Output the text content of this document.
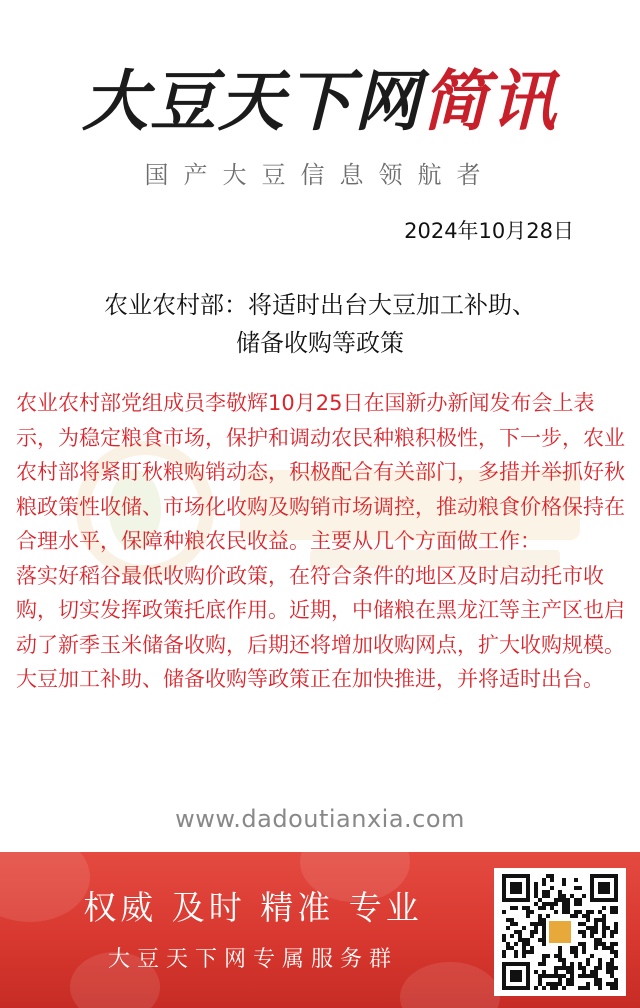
大豆天下网简讯
国产大豆信息领航者
2024年10月28日
农业农村部：将适时出台大豆加工补助、
储备收购等政策

农业农村部党组成员李敬辉10月25日在国新办新闻发布会上表示，为稳定粮食市场，保护和调动农民种粮积极性，下一步，农业农村部将紧盯秋粮购销动态，积极配合有关部门，多措并举抓好秋粮政策性收储、市场化收购及购销市场调控，推动粮食价格保持在合理水平，保障种粮农民收益。主要从几个方面做工作：

落实好稻谷最低收购价政策，在符合条件的地区及时启动托市收购，切实发挥政策托底作用。近期，中储粮在黑龙江等主产区也启动了新季玉米储备收购，后期还将增加收购网点，扩大收购规模。大豆加工补助、储备收购等政策正在加快推进，并将适时出台。

www.dadoutianxia.com
权威 及时 精准 专业
大豆天下网专属服务群
